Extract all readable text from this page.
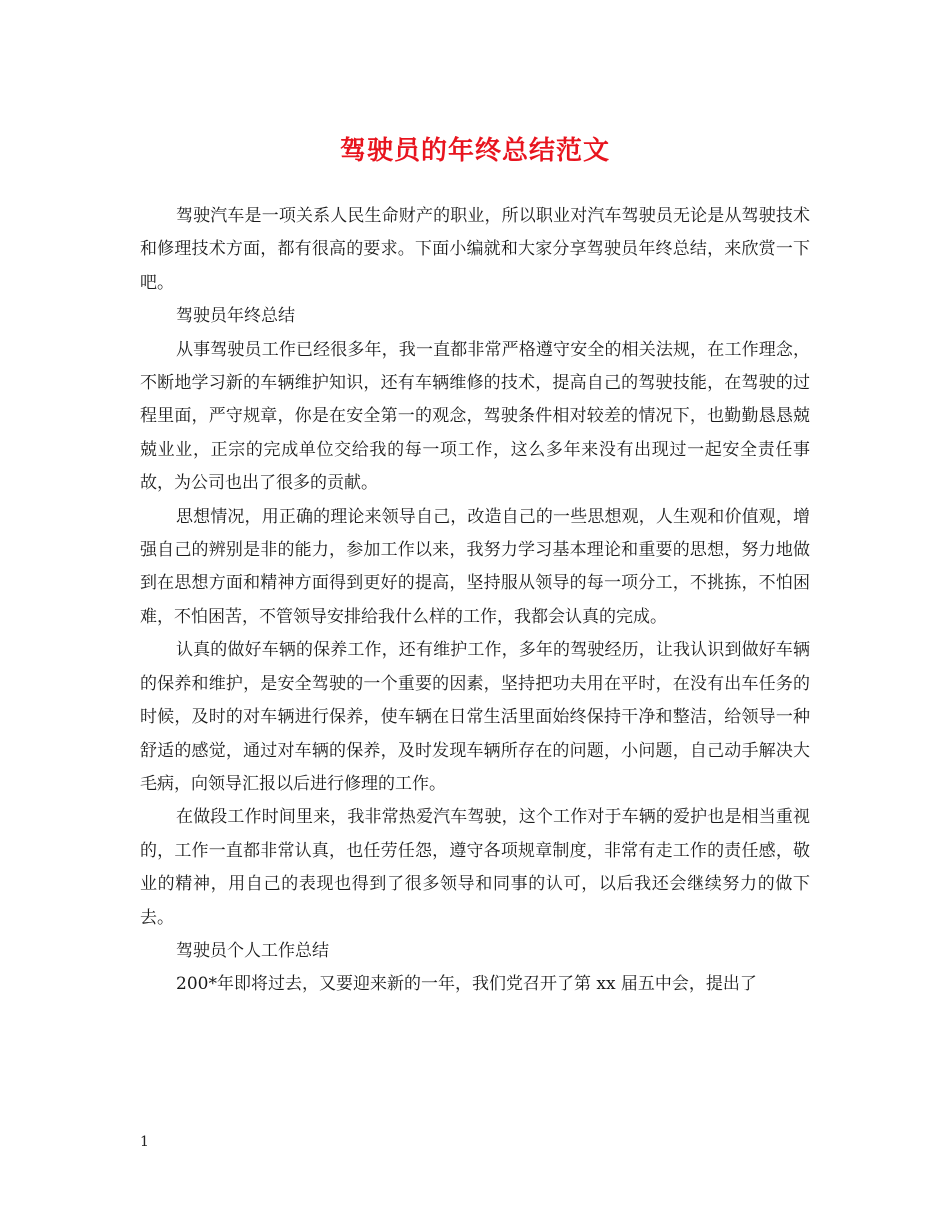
驾驶员的年终总结范文

驾驶汽车是一项关系人民生命财产的职业，所以职业对汽车驾驶员无论是从驾驶技术和修理技术方面，都有很高的要求。下面小编就和大家分享驾驶员年终总结，来欣赏一下吧。

驾驶员年终总结

从事驾驶员工作已经很多年，我一直都非常严格遵守安全的相关法规，在工作理念，不断地学习新的车辆维护知识，还有车辆维修的技术，提高自己的驾驶技能，在驾驶的过程里面，严守规章，你是在安全第一的观念，驾驶条件相对较差的情况下，也勤勤恳恳兢兢业业，正宗的完成单位交给我的每一项工作，这么多年来没有出现过一起安全责任事故，为公司也出了很多的贡献。

思想情况，用正确的理论来领导自己，改造自己的一些思想观，人生观和价值观，增强自己的辨别是非的能力，参加工作以来，我努力学习基本理论和重要的思想，努力地做到在思想方面和精神方面得到更好的提高，坚持服从领导的每一项分工，不挑拣，不怕困难，不怕困苦，不管领导安排给我什么样的工作，我都会认真的完成。

认真的做好车辆的保养工作，还有维护工作，多年的驾驶经历，让我认识到做好车辆的保养和维护，是安全驾驶的一个重要的因素，坚持把功夫用在平时，在没有出车任务的时候，及时的对车辆进行保养，使车辆在日常生活里面始终保持干净和整洁，给领导一种舒适的感觉，通过对车辆的保养，及时发现车辆所存在的问题，小问题，自己动手解决大毛病，向领导汇报以后进行修理的工作。

在做段工作时间里来，我非常热爱汽车驾驶，这个工作对于车辆的爱护也是相当重视的，工作一直都非常认真，也任劳任怨，遵守各项规章制度，非常有走工作的责任感，敬业的精神，用自己的表现也得到了很多领导和同事的认可，以后我还会继续努力的做下去。

驾驶员个人工作总结

200*年即将过去，又要迎来新的一年，我们党召开了第 xx 届五中会，提出了

1
